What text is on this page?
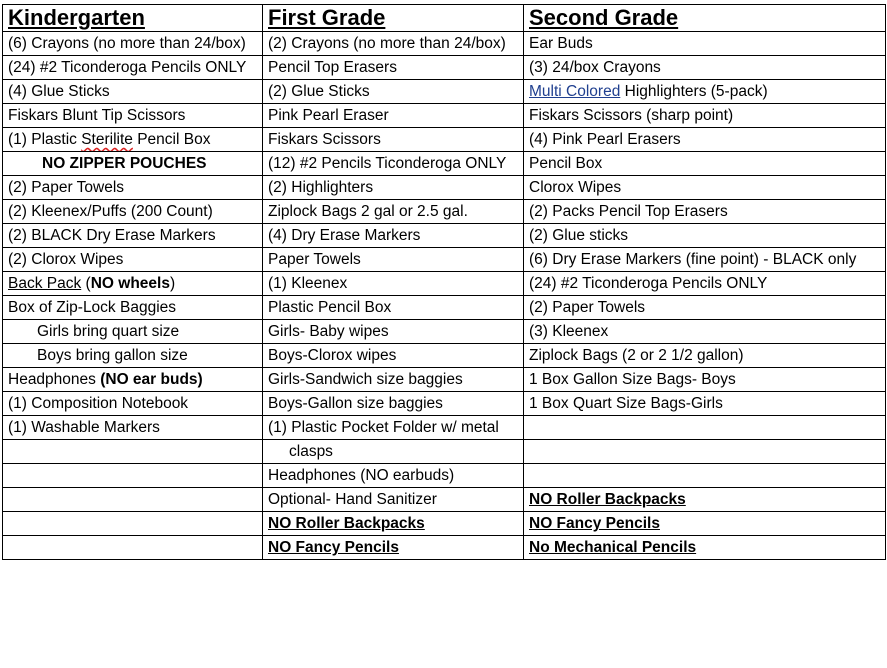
Kindergarten	First Grade	Second Grade
(6) Crayons (no more than 24/box)	(2) Crayons (no more than 24/box)	Ear Buds
(24) #2 Ticonderoga Pencils ONLY	Pencil Top Erasers	(3) 24/box Crayons
(4) Glue Sticks	(2) Glue Sticks	Multi Colored Highlighters (5-pack)
Fiskars Blunt Tip Scissors	Pink Pearl Eraser	Fiskars Scissors (sharp point)
(1) Plastic Sterilite Pencil Box	Fiskars Scissors	(4) Pink Pearl Erasers
NO ZIPPER POUCHES	(12) #2 Pencils Ticonderoga ONLY	Pencil Box
(2) Paper Towels	(2) Highlighters	Clorox Wipes
(2) Kleenex/Puffs (200 Count)	Ziplock Bags 2 gal or 2.5 gal.	(2) Packs Pencil Top Erasers
(2) BLACK Dry Erase Markers	(4) Dry Erase Markers	(2) Glue sticks
(2) Clorox Wipes	Paper Towels	(6) Dry Erase Markers (fine point) - BLACK only
Back Pack (NO wheels)	(1) Kleenex	(24) #2 Ticonderoga Pencils ONLY
Box of Zip-Lock Baggies	Plastic Pencil Box	(2) Paper Towels
Girls bring quart size	Girls- Baby wipes	(3) Kleenex
Boys bring gallon size	Boys-Clorox wipes	Ziplock Bags (2 or 2 1/2 gallon)
Headphones (NO ear buds)	Girls-Sandwich size baggies	1 Box Gallon Size Bags- Boys
(1) Composition Notebook	Boys-Gallon size baggies	1 Box Quart Size Bags-Girls
(1) Washable Markers	(1) Plastic Pocket Folder w/ metal	
	clasps	
	Headphones (NO earbuds)	
	Optional- Hand Sanitizer	NO Roller Backpacks
	NO Roller Backpacks	NO Fancy Pencils
	NO Fancy Pencils	No Mechanical Pencils
